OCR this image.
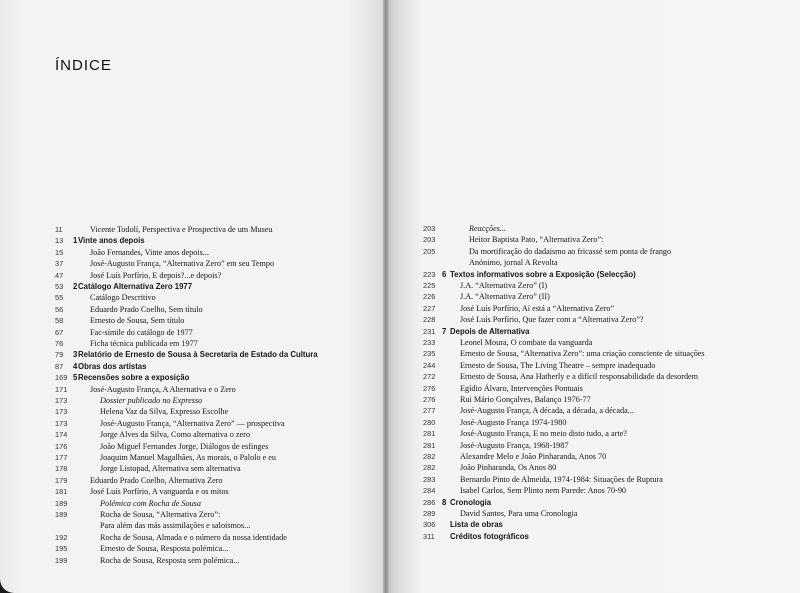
ÍNDICE
11	Vicente Todolí, Perspectiva e Prospectiva de um Museu
13 1 Vinte anos depois
15	João Fernandes, Vinte anos depois...
37	José-Augusto França, “Alternativa Zero” em seu Tempo
47	José Luís Porfírio, E depois?...e depois?
53 2 Catálogo Alternativa Zero 1977
55	Catálogo Descritivo
56	Eduardo Prado Coelho, Sem título
58	Ernesto de Sousa, Sem título
67	Fac-símile do catálogo de 1977
76	Ficha técnica publicada em 1977
79 3 Relatório de Ernesto de Sousa à Secretaria de Estado da Cultura
87 4 Obras dos artistas
169 5 Recensões sobre a exposição
171	José-Augusto França, A Alternativa e o Zero
173	Dossier publicado no Expresso
173	Helena Vaz da Silva, Expresso Escolhe
173	José-Augusto França, “Alternativa Zero” — prospectiva
174	Jorge Alves da Silva, Como alternativa o zero
176	João Miguel Fernandes Jorge, Diálogos de esfinges
177	Joaquim Manuel Magalhães, As morais, o Palolo e eu
178	Jorge Listopad, Alternativa sem alternativa
179	Eduardo Prado Coelho, Alternativa Zero
181	José Luís Porfírio, A vanguarda e os mitos
189	Polémica com Rocha de Sousa
189	Rocha de Sousa, “Alternativa Zero”:
Para além das más assimilações e saloismos...
192	Rocha de Sousa, Almada e o número da nossa identidade
195	Ernesto de Sousa, Resposta polémica...
199	Rocha de Sousa, Resposta sem polémica...
203	Reacções...
203	Heitor Baptista Pato, “Alternativa Zero”:
205	Da mortificação do dadaismo ao fricassé sem ponta de frango
Anónimo, jornal A Revolta
223 6 Textos informativos sobre a Exposição (Selecção)
225	J.A. “Alternativa Zero” (I)
226	J.A. “Alternativa Zero” (II)
227	José Luís Porfírio, Aí está a “Alternativa Zero”
228	José Luís Porfírio, Que fazer com a “Alternativa Zero”?
231 7 Depois de Alternativa
233	Leonel Moura, O combate da vanguarda
235	Ernesto de Sousa, “Alternativa Zero”: uma criação consciente de situações
244	Ernesto de Sousa, The Living Theatre – sempre inadequado
272	Ernesto de Sousa, Ana Hatherly e a difícil responsabilidade da desordem
276	Egídio Álvaro, Intervenções Pontuais
276	Rui Mário Gonçalves, Balanço 1976-77
277	José-Augusto França, A década, a década, a década...
280	José-Augusto França 1974-1980
281	José-Augusto França, E no meio disto tudo, a arte?
281	José-Augusto França, 1968-1987
282	Alexandre Melo e João Pinharanda, Anos 70
282	João Pinharanda, Os Anos 80
283	Bernardo Pinto de Almeida, 1974-1984: Situações de Ruptura
284	Isabel Carlos, Sem Plinto nem Parede: Anos 70-90
286 8 Cronologia
289	David Santos, Para uma Cronologia
306 Lista de obras
311 Créditos fotográficos
